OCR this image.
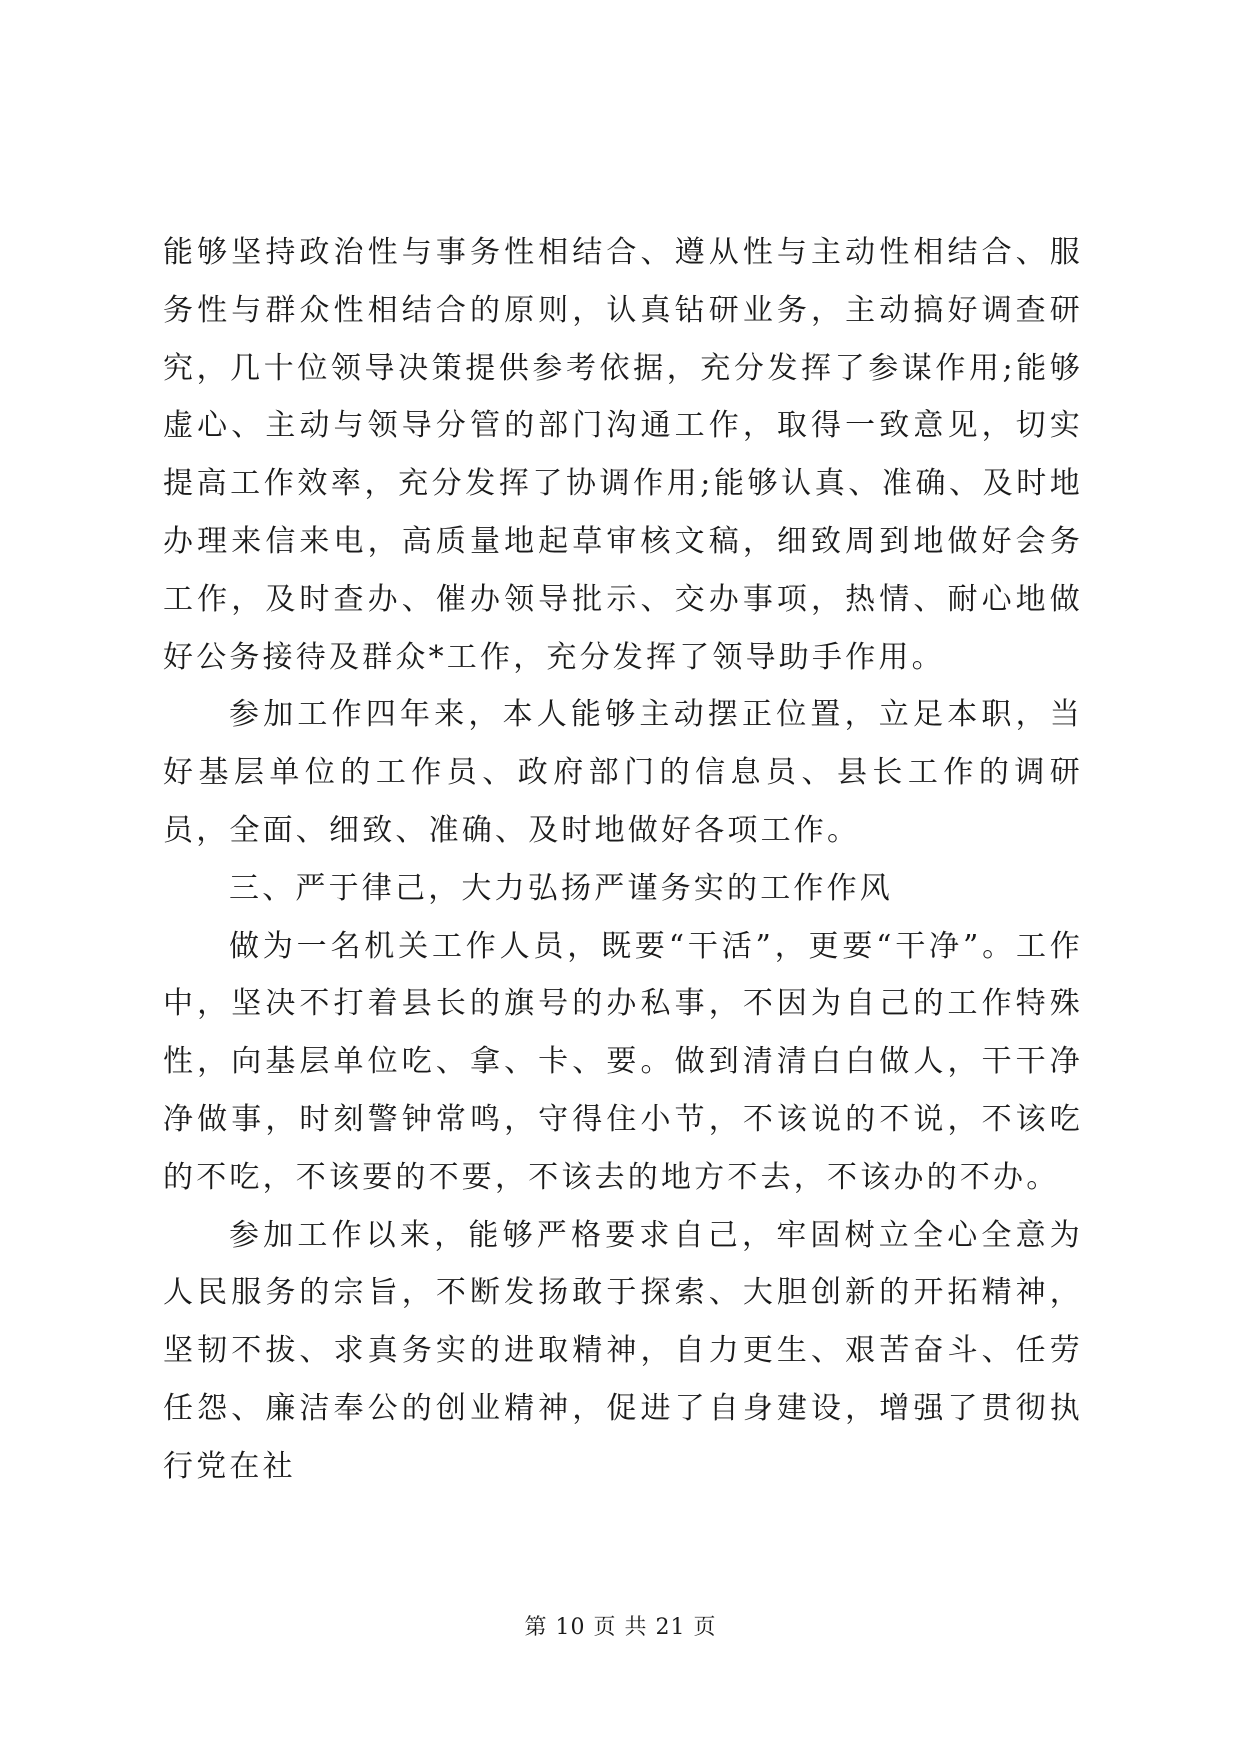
能够坚持政治性与事务性相结合、遵从性与主动性相结合、服务性与群众性相结合的原则，认真钻研业务，主动搞好调查研究，几十位领导决策提供参考依据，充分发挥了参谋作用;能够虚心、主动与领导分管的部门沟通工作，取得一致意见，切实提高工作效率，充分发挥了协调作用;能够认真、准确、及时地办理来信来电，高质量地起草审核文稿，细致周到地做好会务工作，及时查办、催办领导批示、交办事项，热情、耐心地做好公务接待及群众*工作，充分发挥了领导助手作用。

参加工作四年来，本人能够主动摆正位置，立足本职，当好基层单位的工作员、政府部门的信息员、县长工作的调研员，全面、细致、准确、及时地做好各项工作。

三、严于律己，大力弘扬严谨务实的工作作风

做为一名机关工作人员，既要“干活”，更要“干净”。工作中，坚决不打着县长的旗号的办私事，不因为自己的工作特殊性，向基层单位吃、拿、卡、要。做到清清白白做人，干干净净做事，时刻警钟常鸣，守得住小节，不该说的不说，不该吃的不吃，不该要的不要，不该去的地方不去，不该办的不办。

参加工作以来，能够严格要求自己，牢固树立全心全意为人民服务的宗旨，不断发扬敢于探索、大胆创新的开拓精神，坚韧不拔、求真务实的进取精神，自力更生、艰苦奋斗、任劳任怨、廉洁奉公的创业精神，促进了自身建设，增强了贯彻执行党在社

第 10 页 共 21 页
